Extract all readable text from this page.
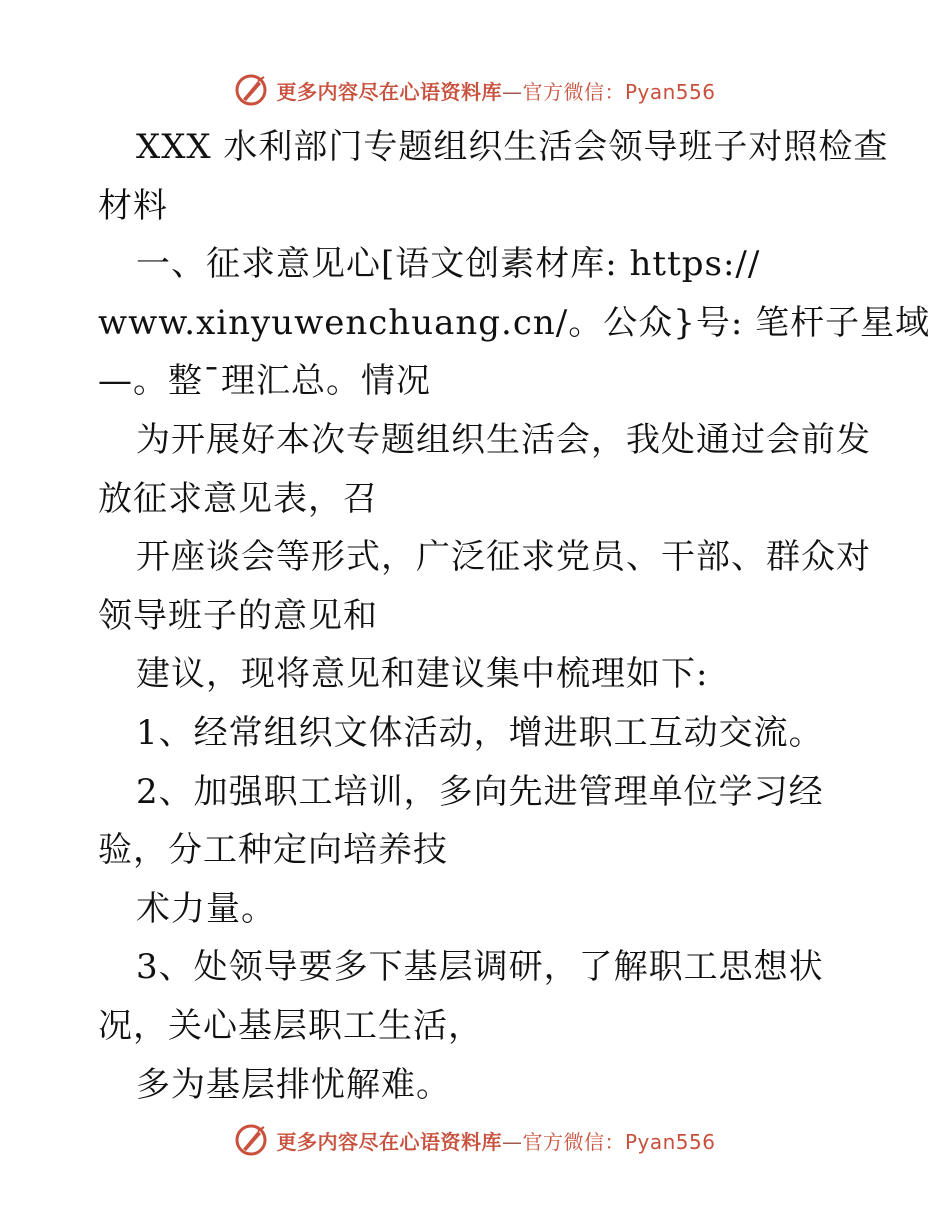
更多内容尽在心语资料库—官方微信：Pyan556
XXX 水利部门专题组织生活会领导班子对照检查
材料
一、征求意见心[语文创素材库: https://
www.xinyuwenchuang.cn/。公众}号: 笔杆子星域
—。整¯理汇总。情况
为开展好本次专题组织生活会，我处通过会前发
放征求意见表，召
开座谈会等形式，广泛征求党员、干部、群众对
领导班子的意见和
建议，现将意见和建议集中梳理如下:
1、经常组织文体活动，增进职工互动交流。
2、加强职工培训，多向先进管理单位学习经
验，分工种定向培养技
术力量。
3、处领导要多下基层调研，了解职工思想状
况，关心基层职工生活，
多为基层排忧解难。
更多内容尽在心语资料库—官方微信：Pyan556
